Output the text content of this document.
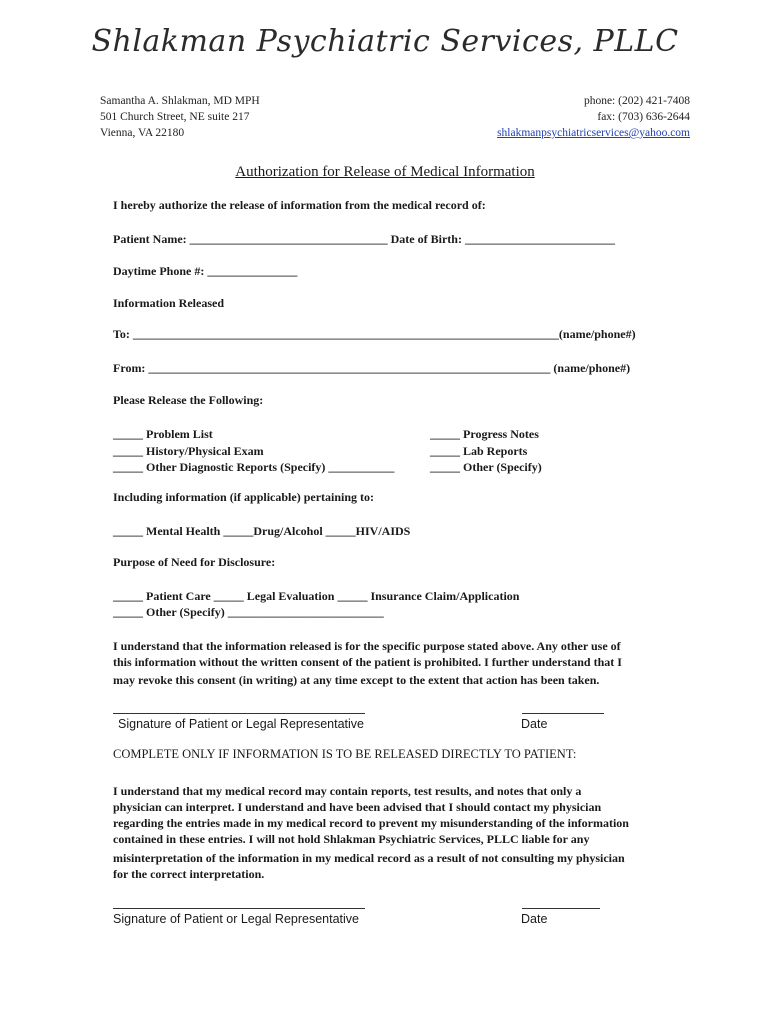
Shlakman Psychiatric Services, PLLC
Samantha A. Shlakman, MD MPH
501 Church Street, NE suite 217
Vienna, VA 22180
phone: (202) 421-7408
fax: (703) 636-2644
shlakmanpsychiatricservices@yahoo.com
Authorization for Release of Medical Information
I hereby authorize the release of information from the medical record of:
Patient Name: _________________________________ Date of Birth: _________________________
Daytime Phone #: _______________
Information Released
To: _______________________________________________________________________(name/phone#)
From: ___________________________________________________________________ (name/phone#)
Please Release the Following:
_____ Problem List
_____ History/Physical Exam
_____ Other Diagnostic Reports (Specify) ___________
_____ Progress Notes
_____ Lab Reports
_____ Other (Specify)
Including information (if applicable) pertaining to:
_____ Mental Health _____Drug/Alcohol _____HIV/AIDS
Purpose of Need for Disclosure:
_____ Patient Care _____ Legal Evaluation _____ Insurance Claim/Application
_____ Other (Specify) __________________________
I understand that the information released is for the specific purpose stated above. Any other use of
this information without the written consent of the patient is prohibited. I further understand that I
may revoke this consent (in writing) at any time except to the extent that action has been taken.
Signature of Patient or Legal Representative	Date
COMPLETE ONLY IF INFORMATION IS TO BE RELEASED DIRECTLY TO PATIENT:
I understand that my medical record may contain reports, test results, and notes that only a
physician can interpret. I understand and have been advised that I should contact my physician
regarding the entries made in my medical record to prevent my misunderstanding of the information
contained in these entries. I will not hold Shlakman Psychiatric Services, PLLC liable for any
misinterpretation of the information in my medical record as a result of not consulting my physician
for the correct interpretation.
Signature of Patient or Legal Representative	Date
